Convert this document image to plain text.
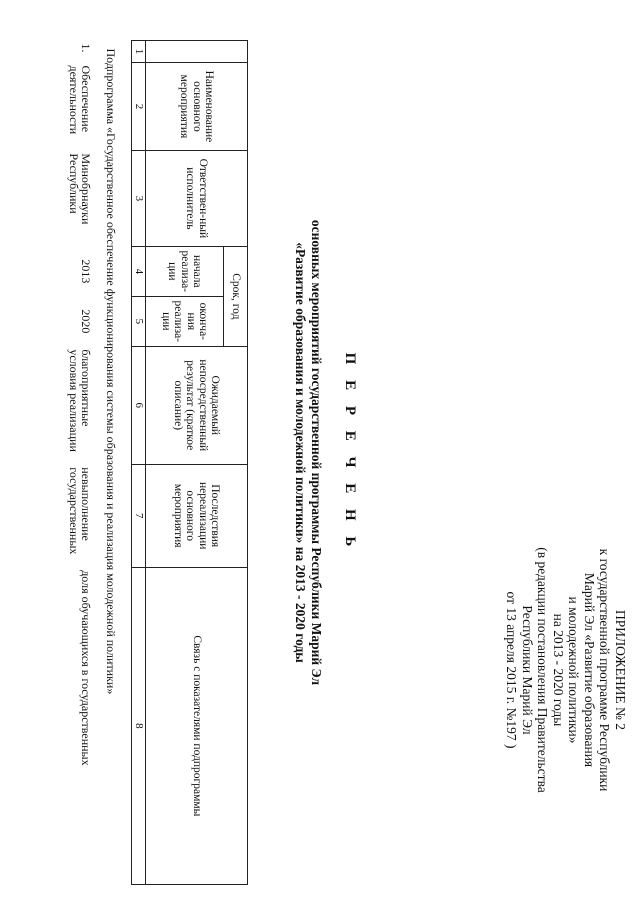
ПРИЛОЖЕНИЕ № 2
к государственной программе Республики
Марий Эл «Развитие образования
и молодежной политики»
на 2013 - 2020 годы
(в редакции постановления Правительства
Республики Марий Эл
от 13 апреля 2015 г. №197 )
П Е Р Е Ч Е Н Ь
основных мероприятий государственной программы Республики Марий Эл
«Развитие образования и молодежной политики» на 2013 - 2020 годы
	Наименование основного мероприятия	Ответствен-ный исполнитель	Срок, год		Ожидаемый непосредственный результат (краткое описание)	Последствия нереализации основного мероприятия	Связь с показателями подпрограммы
			начала реализа-ции	оконча-ния реализа-ции			
1	2	3	4	5	6	7	8
Подпрограмма «Государственное обеспечение функционирования системы образования и реализация молодежной политики»							
1.	Обеспечение деятельности	Минобрнауки Республики	2013	2020	благоприятные условия реализации	невыполнение государственных	доля обучающихся в государственных
